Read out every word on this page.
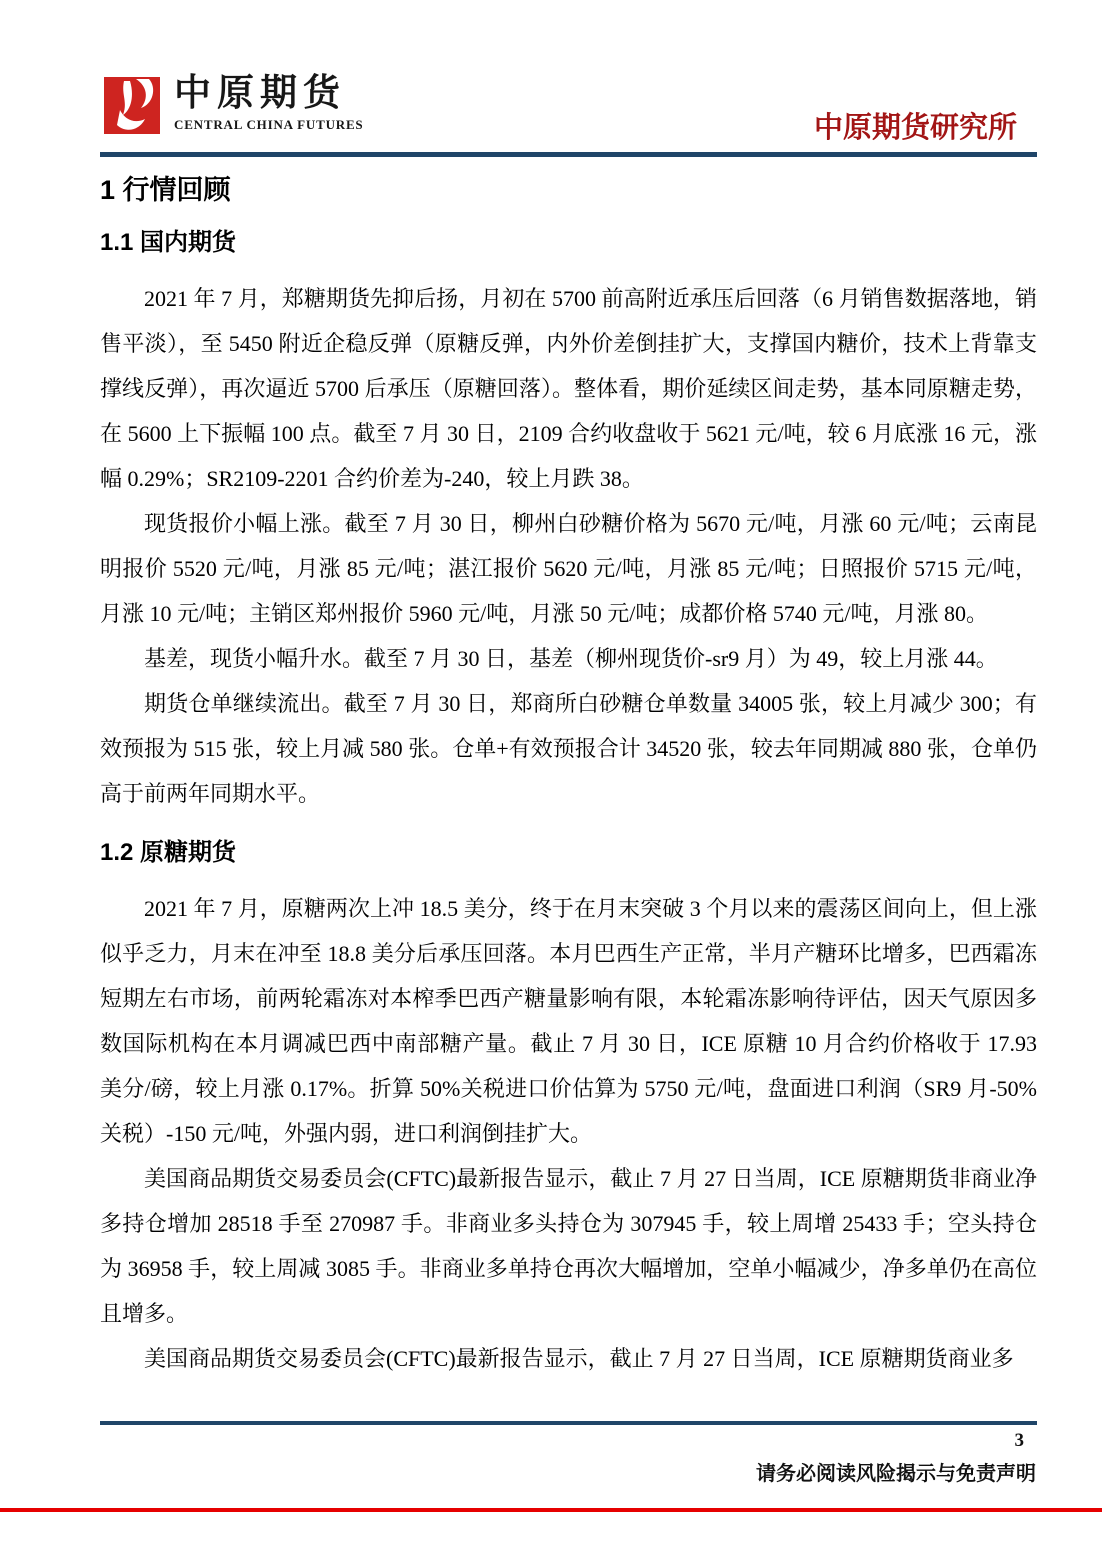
中原期货
CENTRAL CHINA FUTURES	中原期货研究所
1 行情回顾
1.1 国内期货

2021 年 7 月，郑糖期货先抑后扬，月初在 5700 前高附近承压后回落（6 月销售数据落地，销售平淡），至 5450 附近企稳反弹（原糖反弹，内外价差倒挂扩大，支撑国内糖价，技术上背靠支撑线反弹），再次逼近 5700 后承压（原糖回落）。整体看，期价延续区间走势，基本同原糖走势，在 5600 上下振幅 100 点。截至 7 月 30 日，2109 合约收盘收于 5621 元/吨，较 6 月底涨 16 元，涨幅 0.29%；SR2109-2201 合约价差为-240，较上月跌 38。

现货报价小幅上涨。截至 7 月 30 日，柳州白砂糖价格为 5670 元/吨，月涨 60 元/吨；云南昆明报价 5520 元/吨，月涨 85 元/吨；湛江报价 5620 元/吨，月涨 85 元/吨；日照报价 5715 元/吨，月涨 10 元/吨；主销区郑州报价 5960 元/吨，月涨 50 元/吨；成都价格 5740 元/吨，月涨 80。

基差，现货小幅升水。截至 7 月 30 日，基差（柳州现货价-sr9 月）为 49，较上月涨 44。

期货仓单继续流出。截至 7 月 30 日，郑商所白砂糖仓单数量 34005 张，较上月减少 300；有效预报为 515 张，较上月减 580 张。仓单+有效预报合计 34520 张，较去年同期减 880 张，仓单仍高于前两年同期水平。

1.2 原糖期货

2021 年 7 月，原糖两次上冲 18.5 美分，终于在月末突破 3 个月以来的震荡区间向上，但上涨似乎乏力，月末在冲至 18.8 美分后承压回落。本月巴西生产正常，半月产糖环比增多，巴西霜冻短期左右市场，前两轮霜冻对本榨季巴西产糖量影响有限，本轮霜冻影响待评估，因天气原因多数国际机构在本月调减巴西中南部糖产量。截止 7 月 30 日，ICE 原糖 10 月合约价格收于 17.93 美分/磅，较上月涨 0.17%。折算 50%关税进口价估算为 5750 元/吨，盘面进口利润（SR9 月-50%关税）-150 元/吨，外强内弱，进口利润倒挂扩大。

美国商品期货交易委员会(CFTC)最新报告显示，截止 7 月 27 日当周，ICE 原糖期货非商业净多持仓增加 28518 手至 270987 手。非商业多头持仓为 307945 手，较上周增 25433 手；空头持仓为 36958 手，较上周减 3085 手。非商业多单持仓再次大幅增加，空单小幅减少，净多单仍在高位且增多。

美国商品期货交易委员会(CFTC)最新报告显示，截止 7 月 27 日当周，ICE 原糖期货商业多

3
请务必阅读风险揭示与免责声明
